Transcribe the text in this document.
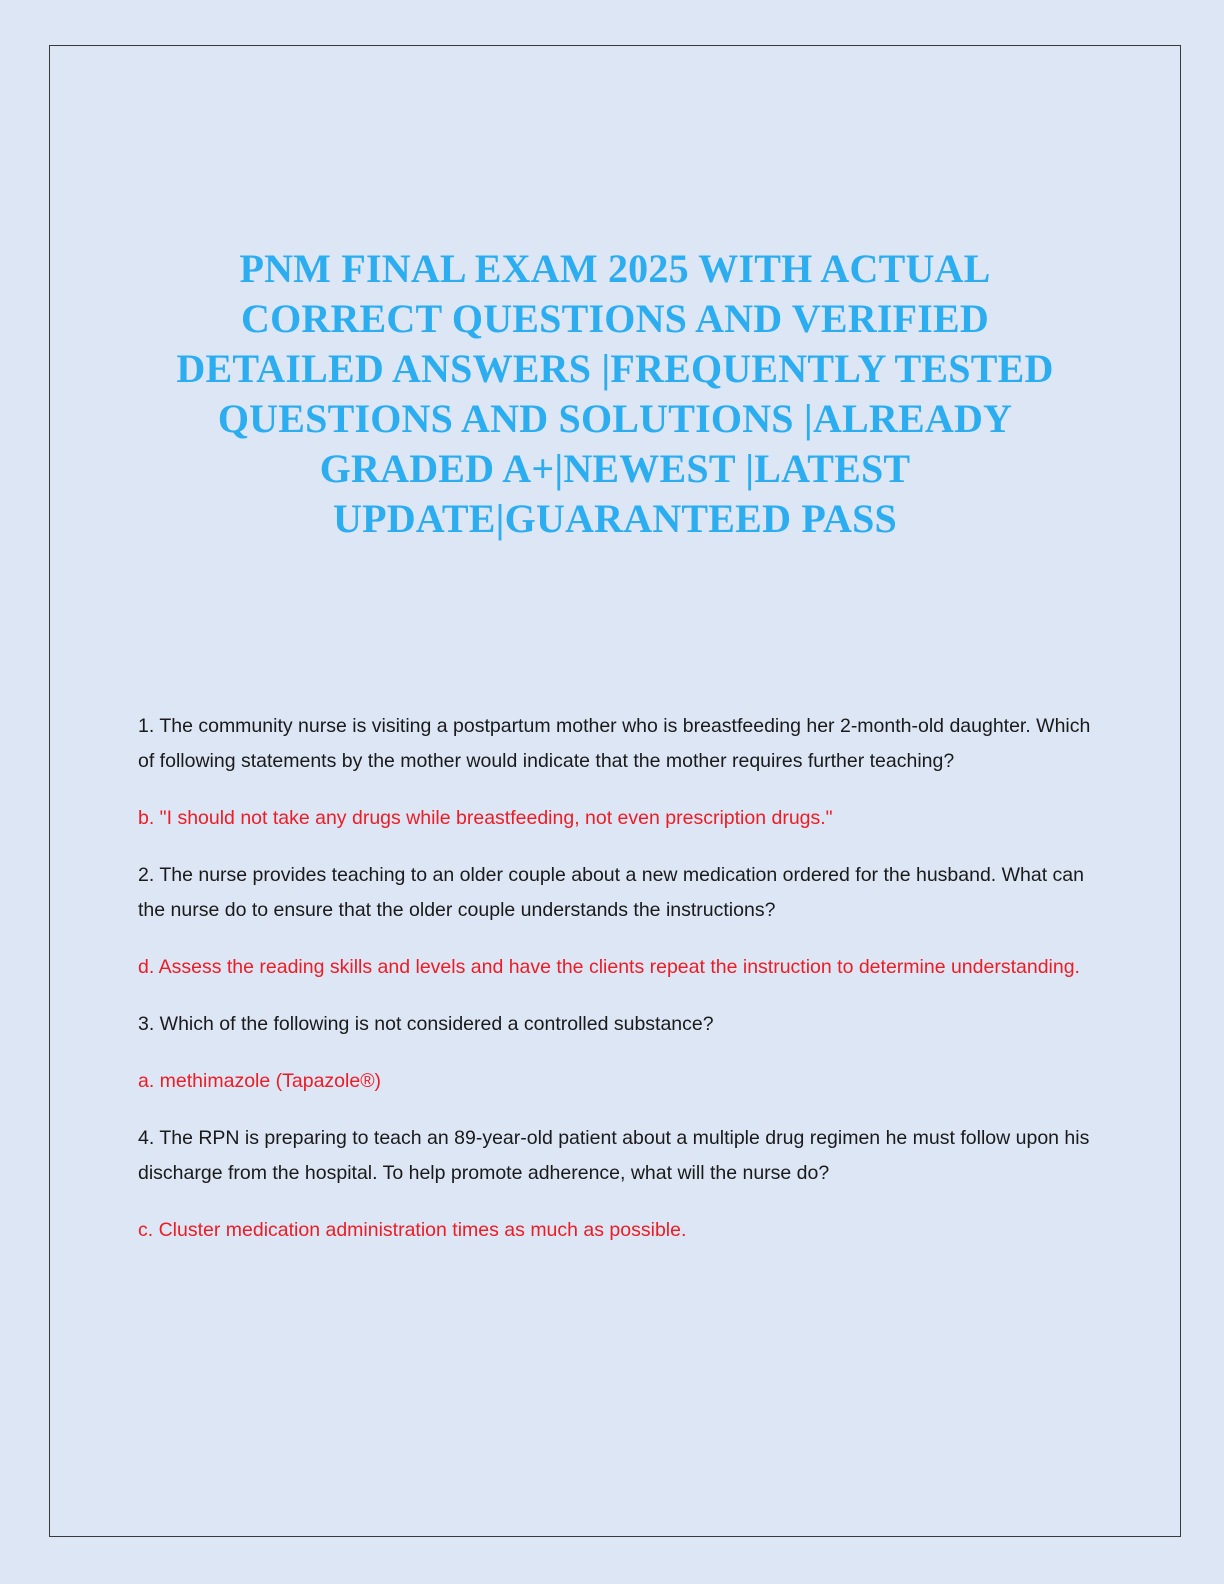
PNM FINAL EXAM 2025 WITH ACTUAL CORRECT QUESTIONS AND VERIFIED DETAILED ANSWERS |FREQUENTLY TESTED QUESTIONS AND SOLUTIONS |ALREADY GRADED A+|NEWEST |LATEST UPDATE|GUARANTEED PASS

1. The community nurse is visiting a postpartum mother who is breastfeeding her 2-month-old daughter. Which of following statements by the mother would indicate that the mother requires further teaching?

b. "I should not take any drugs while breastfeeding, not even prescription drugs."

2. The nurse provides teaching to an older couple about a new medication ordered for the husband. What can the nurse do to ensure that the older couple understands the instructions?

d. Assess the reading skills and levels and have the clients repeat the instruction to determine understanding.

3. Which of the following is not considered a controlled substance?

a. methimazole (Tapazole®)

4. The RPN is preparing to teach an 89-year-old patient about a multiple drug regimen he must follow upon his discharge from the hospital. To help promote adherence, what will the nurse do?

c. Cluster medication administration times as much as possible.
